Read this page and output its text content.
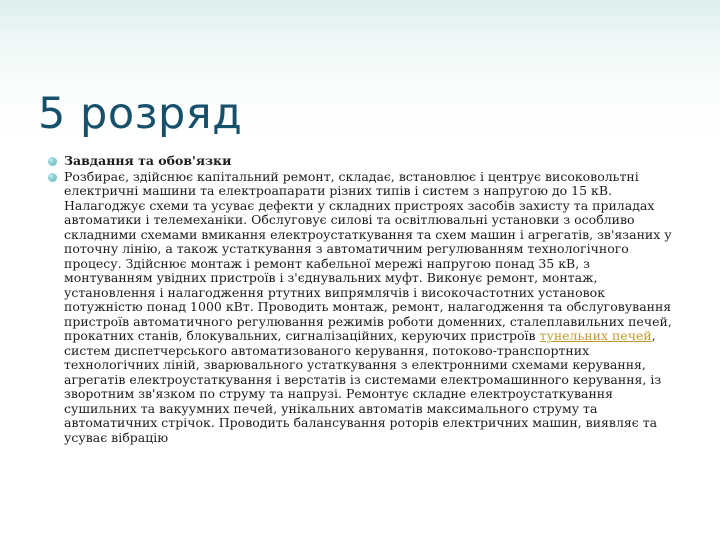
5 розряд
Завдання та обов'язки
Розбирає, здійснює капітальний ремонт, складає, встановлює і центрує високовольтні електричні машини та електроапарати різних типів і систем з напругою до 15 кВ. Налагоджує схеми та усуває дефекти у складних пристроях засобів захисту та приладах автоматики і телемеханіки. Обслуговує силові та освітлювальні установки з особливо складними схемами вмикання електроустаткування та схем машин і агрегатів, зв'язаних у поточну лінію, а також устаткування з автоматичним регулюванням технологічного процесу. Здійснює монтаж і ремонт кабельної мережі напругою понад 35 кВ, з монтуванням увідних пристроїв і з'єднувальних муфт. Виконує ремонт, монтаж, установлення і налагодження ртутних випрямлячів і високочастотних установок потужністю понад 1000 кВт. Проводить монтаж, ремонт, налагодження та обслуговування пристроїв автоматичного регулювання режимів роботи доменних, сталеплавильних печей, прокатних станів, блокувальних, сигналізаційних, керуючих пристроїв тунельних печей, систем диспетчерського автоматизованого керування, потоково-транспортних технологічних ліній, зварювального устаткування з електронними схемами керування, агрегатів електроустаткування і верстатів із системами електромашинного керування, із зворотним зв'язком по струму та напрузі. Ремонтує складне електроустаткування сушильних та вакуумних печей, унікальних автоматів максимального струму та автоматичних стрічок. Проводить балансування роторів електричних машин, виявляє та усуває вібрацію
